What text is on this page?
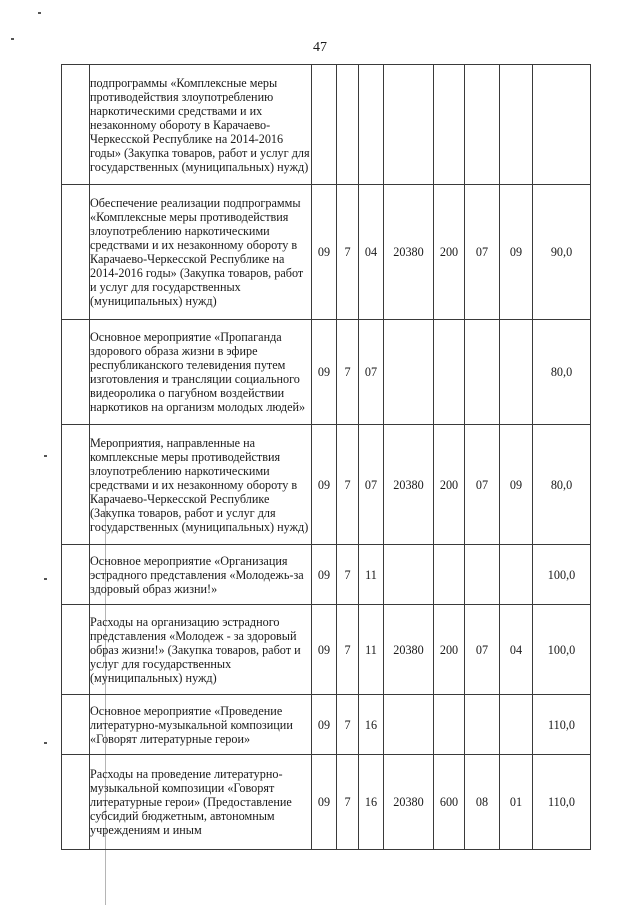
47

	подпрограммы «Комплексные меры противодействия злоупотреблению наркотическими средствами и их незаконному обороту в Карачаево-Черкесской Республике на 2014-2016 годы» (Закупка товаров, работ и услуг для государственных (муниципальных) нужд)								

	Обеспечение реализации подпрограммы «Комплексные меры противодействия злоупотреблению наркотическими средствами и их незаконному обороту в Карачаево-Черкесской Республике на 2014-2016 годы» (Закупка товаров, работ и услуг для государственных (муниципальных) нужд)	09	7	04	20380	200	07	09	90,0

	Основное мероприятие «Пропаганда здорового образа жизни в эфире республиканского телевидения путем изготовления и трансляции социального видеоролика о пагубном воздействии наркотиков на организм молодых людей»	09	7	07					80,0

	Мероприятия, направленные на комплексные меры противодействия злоупотреблению наркотическими средствами и их незаконному обороту в Карачаево-Черкесской Республике (Закупка товаров, работ и услуг для государственных (муниципальных) нужд)	09	7	07	20380	200	07	09	80,0

	Основное мероприятие «Организация эстрадного представления «Молодежь-за здоровый образ жизни!»	09	7	11					100,0

	Расходы на организацию эстрадного представления «Молодеж - за здоровый образ жизни!» (Закупка товаров, работ и услуг для государственных (муниципальных) нужд)	09	7	11	20380	200	07	04	100,0

	Основное мероприятие «Проведение литературно-музыкальной композиции «Говорят литературные герои»	09	7	16					110,0

	Расходы на проведение литературно-музыкальной композиции «Говорят литературные герои» (Предоставление субсидий бюджетным, автономным учреждениям и иным	09	7	16	20380	600	08	01	110,0
